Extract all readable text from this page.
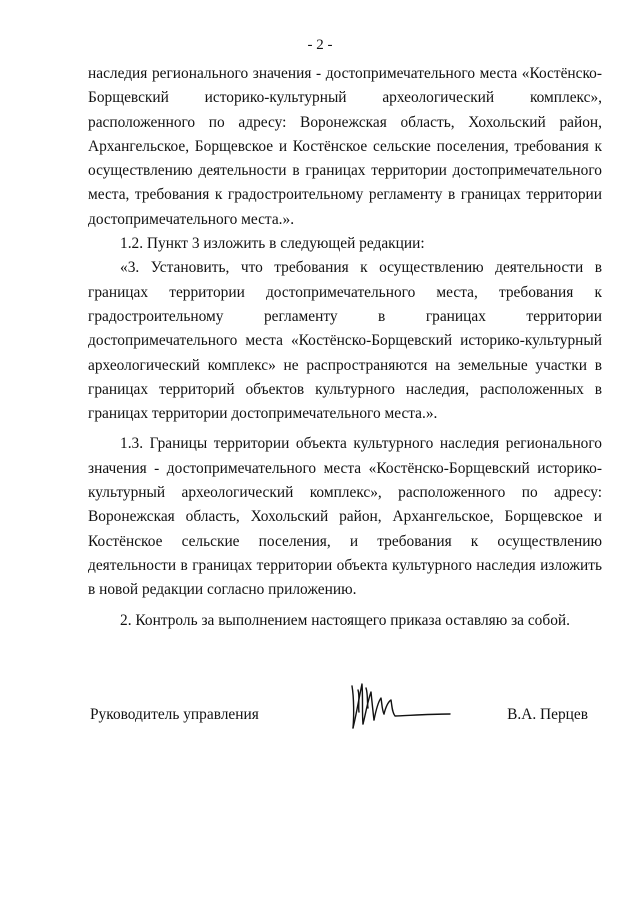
- 2 -

наследия регионального значения - достопримечательного места «Костёнско-Борщевский историко-культурный археологический комплекс», расположенного по адресу: Воронежская область, Хохольский район, Архангельское, Борщевское и Костёнское сельские поселения, требования к осуществлению деятельности в границах территории достопримечательного места, требования к градостроительному регламенту в границах территории достопримечательного места.».

1.2. Пункт 3 изложить в следующей редакции:

«3. Установить, что требования к осуществлению деятельности в границах территории достопримечательного места, требования к градостроительному регламенту в границах территории достопримечательного места «Костёнско-Борщевский историко-культурный археологический комплекс» не распространяются на земельные участки в границах территорий объектов культурного наследия, расположенных в границах территории достопримечательного места.».

1.3. Границы территории объекта культурного наследия регионального значения - достопримечательного места «Костёнско-Борщевский историко-культурный археологический комплекс», расположенного по адресу: Воронежская область, Хохольский район, Архангельское, Борщевское и Костёнское сельские поселения, и требования к осуществлению деятельности в границах территории объекта культурного наследия изложить в новой редакции согласно приложению.

2. Контроль за выполнением настоящего приказа оставляю за собой.

Руководитель управления	В.А. Перцев
